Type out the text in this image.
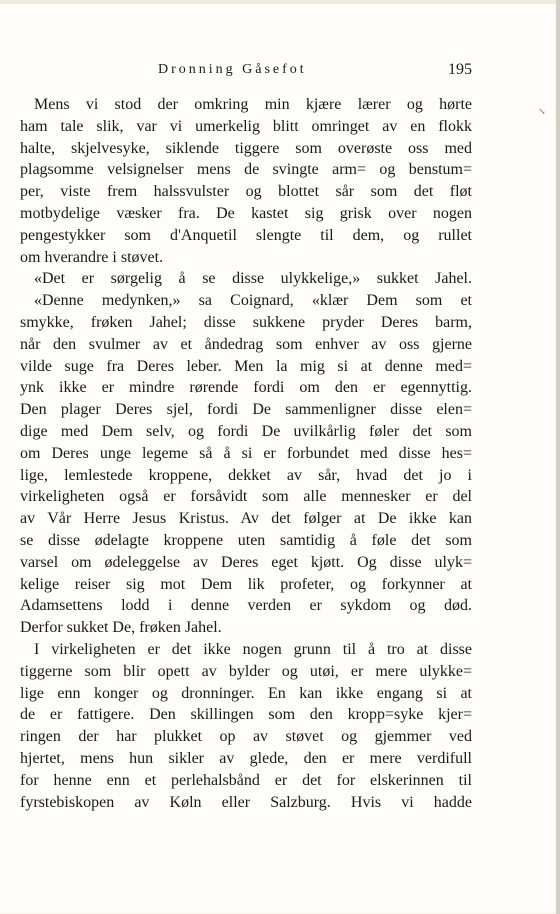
Dronning Gåsefot	195
Mens vi stod der omkring min kjære lærer og hørte
ham tale slik, var vi umerkelig blitt omringet av en flokk
halte, skjelvesyke, siklende tiggere som overøste oss med
plagsomme velsignelser mens de svingte arm= og benstum=
per, viste frem halssvulster og blottet sår som det fløt
motbydelige væsker fra. De kastet sig grisk over nogen
pengestykker som d'Anquetil slengte til dem, og rullet
om hverandre i støvet.
«Det er sørgelig å se disse ulykkelige,» sukket Jahel.
«Denne medynken,» sa Coignard, «klær Dem som et
smykke, frøken Jahel; disse sukkene pryder Deres barm,
når den svulmer av et åndedrag som enhver av oss gjerne
vilde suge fra Deres leber. Men la mig si at denne med=
ynk ikke er mindre rørende fordi om den er egennyttig.
Den plager Deres sjel, fordi De sammenligner disse elen=
dige med Dem selv, og fordi De uvilkårlig føler det som
om Deres unge legeme så å si er forbundet med disse hes=
lige, lemlestede kroppene, dekket av sår, hvad det jo i
virkeligheten også er forsåvidt som alle mennesker er del
av Vår Herre Jesus Kristus. Av det følger at De ikke kan
se disse ødelagte kroppene uten samtidig å føle det som
varsel om ødeleggelse av Deres eget kjøtt. Og disse ulyk=
kelige reiser sig mot Dem lik profeter, og forkynner at
Adamsettens lodd i denne verden er sykdom og død.
Derfor sukket De, frøken Jahel.
I virkeligheten er det ikke nogen grunn til å tro at disse
tiggerne som blir opett av bylder og utøi, er mere ulykke=
lige enn konger og dronninger. En kan ikke engang si at
de er fattigere. Den skillingen som den kropp=syke kjer=
ringen der har plukket op av støvet og gjemmer ved
hjertet, mens hun sikler av glede, den er mere verdifull
for henne enn et perlehalsbånd er det for elskerinnen til
fyrstebiskopen av Køln eller Salzburg. Hvis vi hadde
↘
